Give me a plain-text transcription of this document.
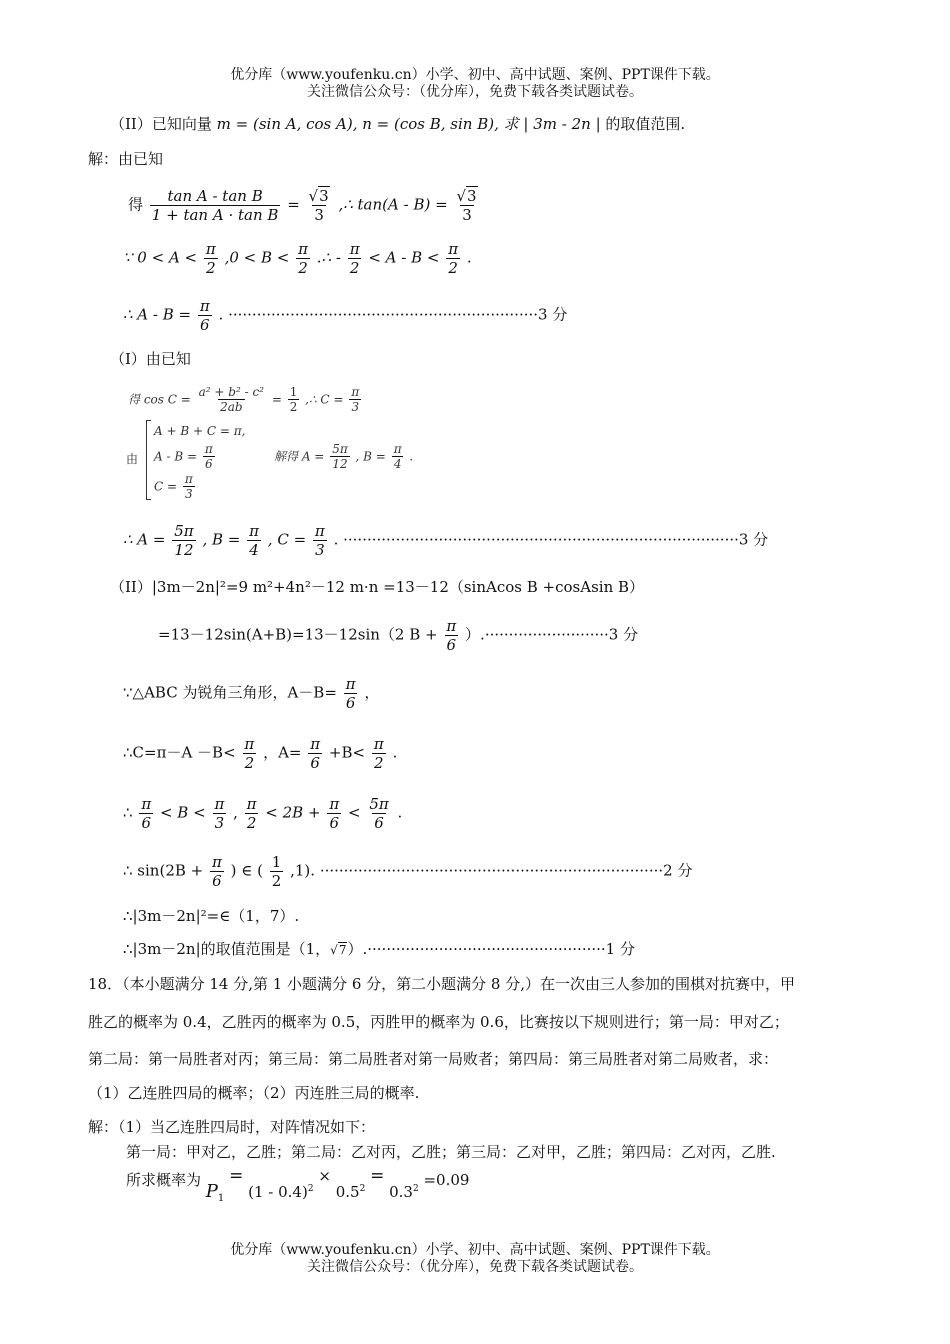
优分库（www.youfenku.cn）小学、初中、高中试题、案例、PPT课件下载。
关注微信公众号：（优分库），免费下载各类试题试卷。
（II）已知向量 m = (sin A, cos A), n = (cos B, sin B), 求 | 3m - 2n | 的取值范围.
解：由已知
得 $\frac{\text{tan A - tan B}}{\text{1 + tan A · tan B}} = \frac{√3}{3}$ ,∴ $\tan(A - B) = \frac{√3}{3}$
∵ $0 < A < \frac{\pi}{2} ,0 < B < \frac{\pi}{2}$ .∴ - $\frac{\pi}{2} < A - B < \frac{\pi}{2}$ .
∴ $A - B = \frac{\pi}{6}$ . ·································································3 分
（I）由已知
得 $\cos C = \frac{\text{a² + b² - c²}}{2ab} = \frac{1}{2}$ ,∴ $C = \frac{\pi}{3}$
由
A + B + C = π,
$A - B = \frac{\pi}{6}$
$C = \frac{\pi}{3}$
解得 $A = \frac{5\pi}{12}$ , $B = \frac{\pi}{4}$ .
∴ $A = \frac{5\pi}{12}$ , $B = \frac{\pi}{4}$ , $C = \frac{\pi}{3}$ . ···················································································3 分
（II）|3m－2n|²=9 m²+4n²－12 m·n =13－12（sinAcos B +cosAsin B）
=13－12sin(A+B)=13－12sin（2 $B + \frac{\pi}{6} ).\cdot\cdot\cdot\cdot\cdot\cdot\cdot\cdot\cdot\cdot\cdot\cdot\cdot\cdot\cdot\cdot\cdot\cdot\cdot\cdot\cdot\cdot\cdot\cdot\cdot\cdot 3$ 分
∵△ABC 为锐角三角形，$A-B= \frac{\pi}{6}$ ，
∴C=π－A $-B< \frac{\pi}{2}$ ，$A= \frac{\pi}{6} +B< \frac{\pi}{2}$ .
∴ $\frac{\pi}{6} < B < \frac{\pi}{3}$ , $\frac{\pi}{2} < 2B + \frac{\pi}{6} < \frac{5\pi}{6}$ .
∴ $\sin(2B + \frac{\pi}{6}$ ) ∈ ( $\frac{1}{2} ,1$). ········································································2 分
∴|3m－2n|²=∈（1，7）.
∴|3m－2n|的取值范围是（1，√7）.··················································1 分
18．（本小题满分 14 分,第 1 小题满分 6 分，第二小题满分 8 分,）在一次由三人参加的围棋对抗赛中，甲
胜乙的概率为 0.4，乙胜丙的概率为 0.5，丙胜甲的概率为 0.6，比赛按以下规则进行；第一局：甲对乙；
第二局：第一局胜者对丙；第三局：第二局胜者对第一局败者；第四局：第三局胜者对第二局败者，求：
（1）乙连胜四局的概率；（2）丙连胜三局的概率.
解：（1）当乙连胜四局时，对阵情况如下：
第一局：甲对乙，乙胜；第二局：乙对丙，乙胜；第三局：乙对甲，乙胜；第四局：乙对丙，乙胜.
所求概率为 $P_1 = (1 - 0.4)^2 \times 0.5^2 = 0.3^2 =0.09$
优分库（www.youfenku.cn）小学、初中、高中试题、案例、PPT课件下载。
关注微信公众号：（优分库），免费下载各类试题试卷。
